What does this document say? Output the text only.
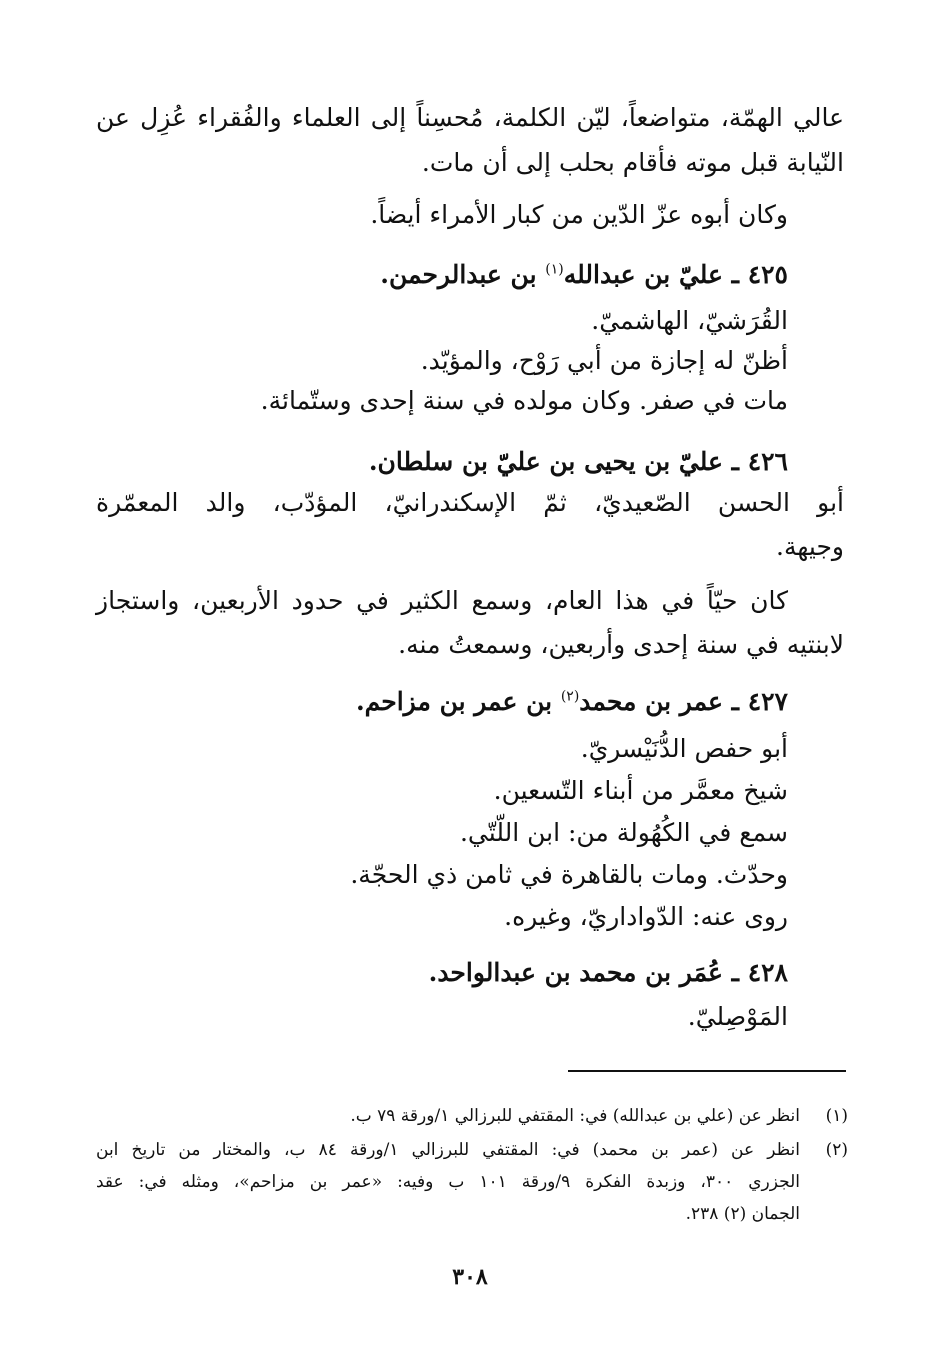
عالي الهمّة، متواضعاً، ليّن الكلمة، مُحسِناً إلى العلماء والفُقراء عُزِل عن
النّيابة قبل موته فأقام بحلب إلى أن مات.
وكان أبوه عزّ الدّين من كبار الأمراء أيضاً.
٤٢٥ ـ عليّ بن عبدالله$^{(١)}$ بن عبدالرحمن.
القُرَشيّ، الهاشميّ.
أظنّ له إجازة من أبي رَوْح، والمؤيّد.
مات في صفر. وكان مولده في سنة إحدى وستّمائة.
٤٢٦ ـ عليّ بن يحيى بن عليّ بن سلطان.
أبو الحسن الصّعيديّ، ثمّ الإسكندرانيّ، المؤدّب، والد المعمّرة
وجيهة.
كان حيّاً في هذا العام، وسمع الكثير في حدود الأربعين، واستجاز
لابنتيه في سنة إحدى وأربعين، وسمعتُ منه.
٤٢٧ ـ عمر بن محمد$^{(٢)}$ بن عمر بن مزاحم.
أبو حفص الدُّنَيْسريّ.
شيخ معمَّر من أبناء التّسعين.
سمع في الكُهُولة من: ابن اللّتّي.
وحدّث. ومات بالقاهرة في ثامن ذي الحجّة.
روى عنه: الدّواداريّ، وغيره.
٤٢٨ ـ عُمَر بن محمد بن عبدالواحد.
المَوْصِليّ.
(١)
انظر عن (علي بن عبدالله) في: المقتفي للبرزالي ١/ورقة ٧٩ ب.
(٢)
انظر عن (عمر بن محمد) في: المقتفي للبرزالي ١/ورقة ٨٤ ب، والمختار من تاريخ ابن
الجزري ٣٠٠، وزبدة الفكرة ٩/ورقة ١٠١ ب وفيه: «عمر بن مزاحم»، ومثله في: عقد
الجمان (٢) ٢٣٨.
٣٠٨
